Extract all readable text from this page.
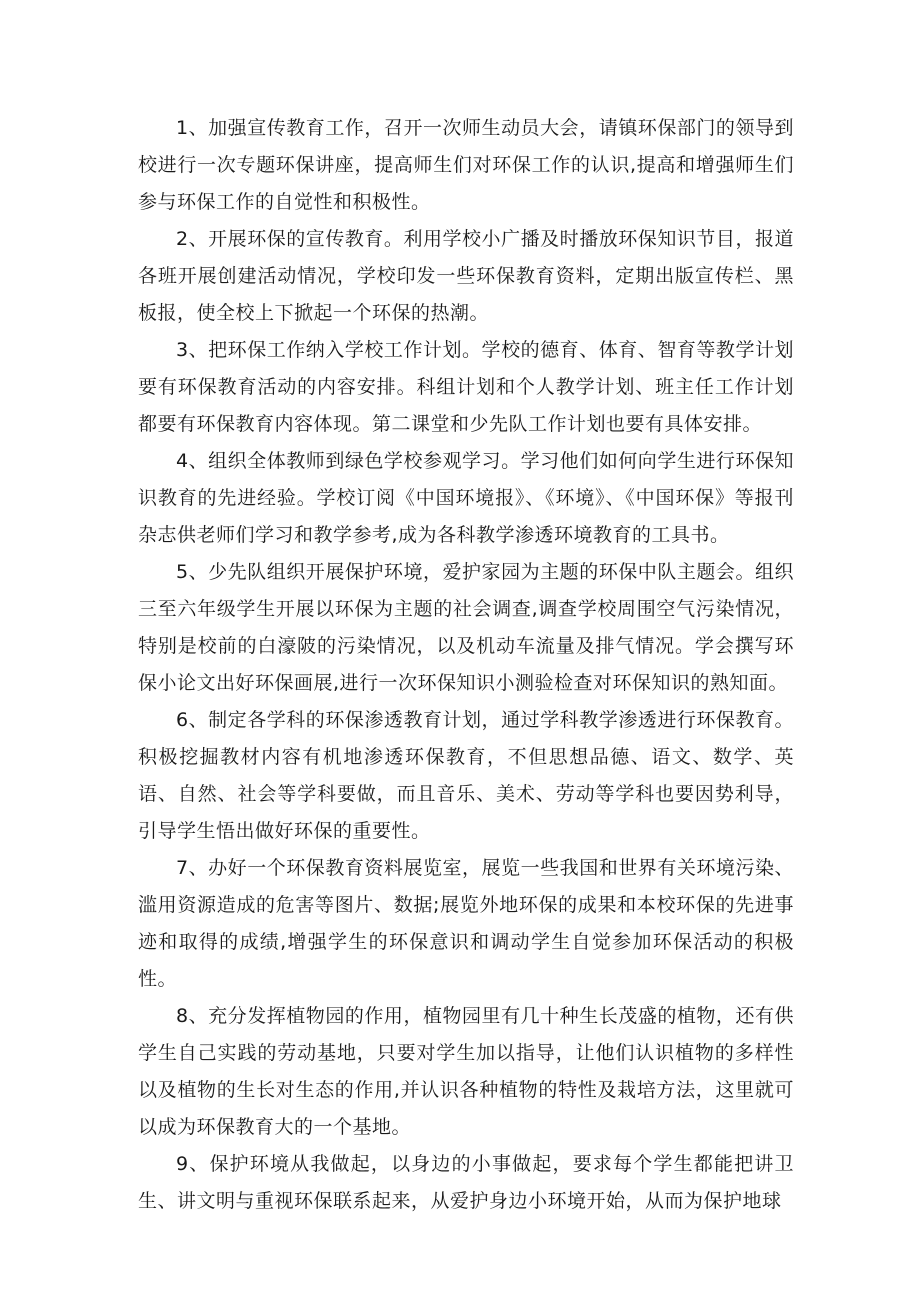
1、加强宣传教育工作，召开一次师生动员大会，请镇环保部门的领导到校进行一次专题环保讲座，提高师生们对环保工作的认识,提高和增强师生们参与环保工作的自觉性和积极性。

2、开展环保的宣传教育。利用学校小广播及时播放环保知识节目，报道各班开展创建活动情况，学校印发一些环保教育资料，定期出版宣传栏、黑板报，使全校上下掀起一个环保的热潮。

3、把环保工作纳入学校工作计划。学校的德育、体育、智育等教学计划要有环保教育活动的内容安排。科组计划和个人教学计划、班主任工作计划都要有环保教育内容体现。第二课堂和少先队工作计划也要有具体安排。

4、组织全体教师到绿色学校参观学习。学习他们如何向学生进行环保知识教育的先进经验。学校订阅《中国环境报》、《环境》、《中国环保》等报刊杂志供老师们学习和教学参考,成为各科教学渗透环境教育的工具书。

5、少先队组织开展保护环境，爱护家园为主题的环保中队主题会。组织三至六年级学生开展以环保为主题的社会调查,调查学校周围空气污染情况，特别是校前的白濠陂的污染情况，以及机动车流量及排气情况。学会撰写环保小论文出好环保画展,进行一次环保知识小测验检查对环保知识的熟知面。

6、制定各学科的环保渗透教育计划，通过学科教学渗透进行环保教育。积极挖掘教材内容有机地渗透环保教育，不但思想品德、语文、数学、英语、自然、社会等学科要做，而且音乐、美术、劳动等学科也要因势利导，引导学生悟出做好环保的重要性。

7、办好一个环保教育资料展览室，展览一些我国和世界有关环境污染、滥用资源造成的危害等图片、数据;展览外地环保的成果和本校环保的先进事迹和取得的成绩,增强学生的环保意识和调动学生自觉参加环保活动的积极性。

8、充分发挥植物园的作用，植物园里有几十种生长茂盛的植物，还有供学生自己实践的劳动基地，只要对学生加以指导，让他们认识植物的多样性以及植物的生长对生态的作用,并认识各种植物的特性及栽培方法，这里就可以成为环保教育大的一个基地。

9、保护环境从我做起，以身边的小事做起，要求每个学生都能把讲卫生、讲文明与重视环保联系起来，从爱护身边小环境开始，从而为保护地球
